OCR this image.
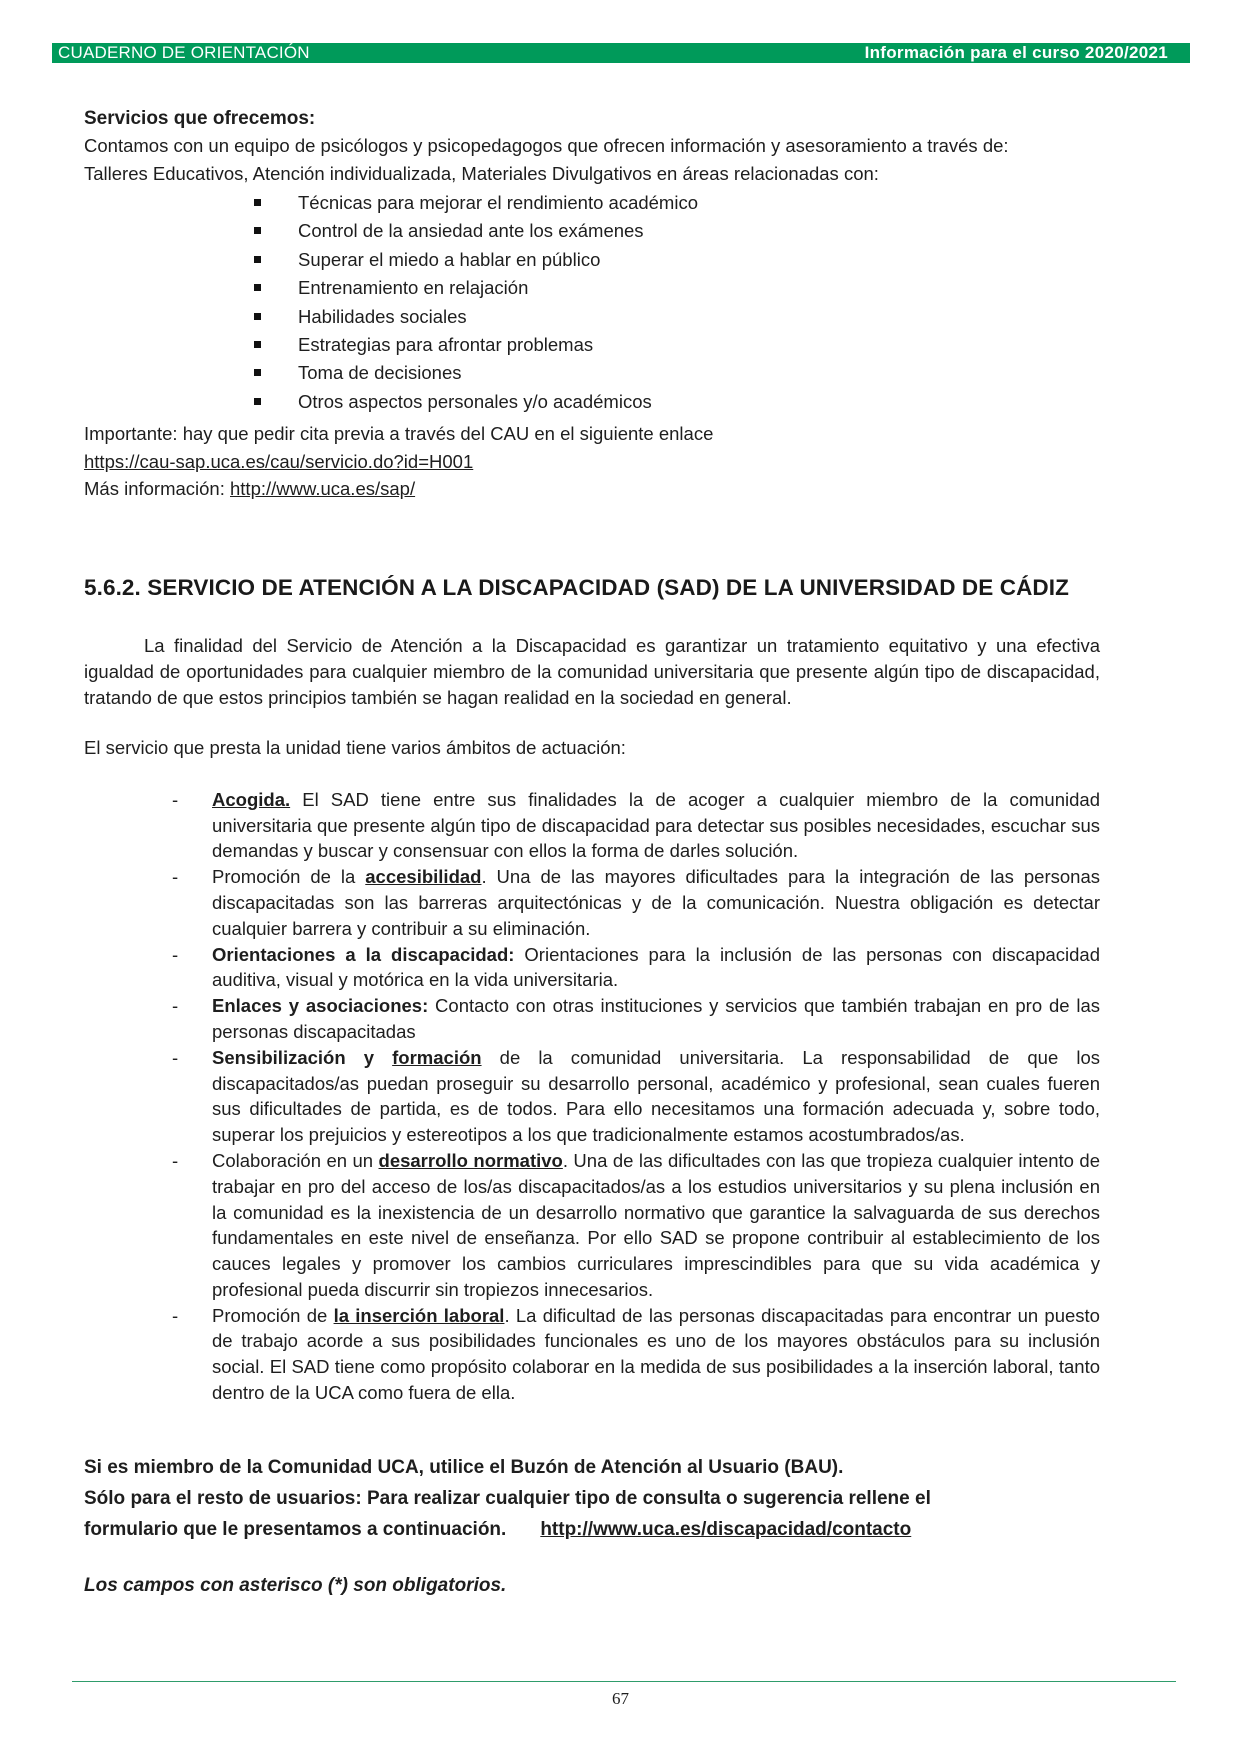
CUADERNO DE ORIENTACIÓN	Información para el curso 2020/2021
Servicios que ofrecemos:
Contamos con un equipo de psicólogos y psicopedagogos que ofrecen información y asesoramiento a través de:
Talleres Educativos, Atención individualizada, Materiales Divulgativos en áreas relacionadas con:
Técnicas para mejorar el rendimiento académico
Control de la ansiedad ante los exámenes
Superar el miedo a hablar en público
Entrenamiento en relajación
Habilidades sociales
Estrategias para afrontar problemas
Toma de decisiones
Otros aspectos personales y/o académicos
Importante: hay que pedir cita previa a través del CAU en el siguiente enlace
https://cau-sap.uca.es/cau/servicio.do?id=H001
Más información: http://www.uca.es/sap/
5.6.2. SERVICIO DE ATENCIÓN A LA DISCAPACIDAD (SAD) DE LA UNIVERSIDAD DE CÁDIZ
La finalidad del Servicio de Atención a la Discapacidad es garantizar un tratamiento equitativo y una efectiva igualdad de oportunidades para cualquier miembro de la comunidad universitaria que presente algún tipo de discapacidad, tratando de que estos principios también se hagan realidad en la sociedad en general.
El servicio que presta la unidad tiene varios ámbitos de actuación:
- Acogida. El SAD tiene entre sus finalidades la de acoger a cualquier miembro de la comunidad universitaria que presente algún tipo de discapacidad para detectar sus posibles necesidades, escuchar sus demandas y buscar y consensuar con ellos la forma de darles solución.
- Promoción de la accesibilidad. Una de las mayores dificultades para la integración de las personas discapacitadas son las barreras arquitectónicas y de la comunicación. Nuestra obligación es detectar cualquier barrera y contribuir a su eliminación.
- Orientaciones a la discapacidad: Orientaciones para la inclusión de las personas con discapacidad auditiva, visual y motórica en la vida universitaria.
- Enlaces y asociaciones: Contacto con otras instituciones y servicios que también trabajan en pro de las personas discapacitadas
- Sensibilización y formación de la comunidad universitaria. La responsabilidad de que los discapacitados/as puedan proseguir su desarrollo personal, académico y profesional, sean cuales fueren sus dificultades de partida, es de todos. Para ello necesitamos una formación adecuada y, sobre todo, superar los prejuicios y estereotipos a los que tradicionalmente estamos acostumbrados/as.
- Colaboración en un desarrollo normativo. Una de las dificultades con las que tropieza cualquier intento de trabajar en pro del acceso de los/as discapacitados/as a los estudios universitarios y su plena inclusión en la comunidad es la inexistencia de un desarrollo normativo que garantice la salvaguarda de sus derechos fundamentales en este nivel de enseñanza. Por ello SAD se propone contribuir al establecimiento de los cauces legales y promover los cambios curriculares imprescindibles para que su vida académica y profesional pueda discurrir sin tropiezos innecesarios.
- Promoción de la inserción laboral. La dificultad de las personas discapacitadas para encontrar un puesto de trabajo acorde a sus posibilidades funcionales es uno de los mayores obstáculos para su inclusión social. El SAD tiene como propósito colaborar en la medida de sus posibilidades a la inserción laboral, tanto dentro de la UCA como fuera de ella.
Si es miembro de la Comunidad UCA, utilice el Buzón de Atención al Usuario (BAU).
Sólo para el resto de usuarios: Para realizar cualquier tipo de consulta o sugerencia rellene el
formulario que le presentamos a continuación. http://www.uca.es/discapacidad/contacto
Los campos con asterisco (*) son obligatorios.
67
